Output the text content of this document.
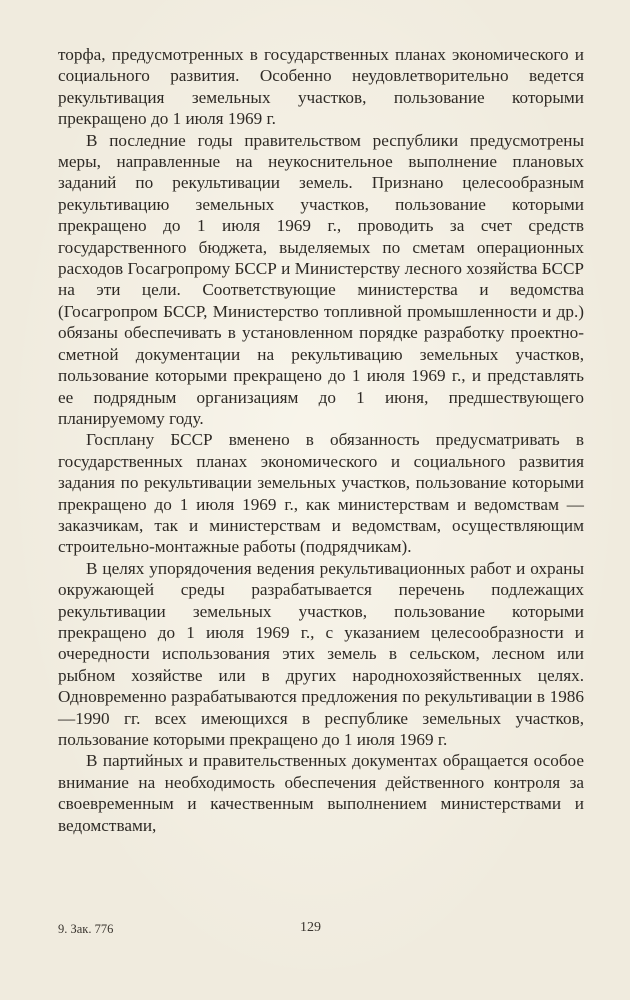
торфа, предусмотренных в государственных планах экономического и социального развития. Особенно неудовлетворительно ведется рекультивация земельных участков, пользование которыми прекращено до 1 июля 1969 г.

В последние годы правительством республики предусмотрены меры, направленные на неукоснительное выполнение плановых заданий по рекультивации земель. Признано целесообразным рекультивацию земельных участков, пользование которыми прекращено до 1 июля 1969 г., проводить за счет средств государственного бюджета, выделяемых по сметам операционных расходов Госагропрому БССР и Министерству лесного хозяйства БССР на эти цели. Соответствующие министерства и ведомства (Госагропром БССР, Министерство топливной промышленности и др.) обязаны обеспечивать в установленном порядке разработку проектно-сметной документации на рекультивацию земельных участков, пользование которыми прекращено до 1 июля 1969 г., и представлять ее подрядным организациям до 1 июня, предшествующего планируемому году.

Госплану БССР вменено в обязанность предусматривать в государственных планах экономического и социального развития задания по рекультивации земельных участков, пользование которыми прекращено до 1 июля 1969 г., как министерствам и ведомствам — заказчикам, так и министерствам и ведомствам, осуществляющим строительно-монтажные работы (подрядчикам).

В целях упорядочения ведения рекультивационных работ и охраны окружающей среды разрабатывается перечень подлежащих рекультивации земельных участков, пользование которыми прекращено до 1 июля 1969 г., с указанием целесообразности и очередности использования этих земель в сельском, лесном или рыбном хозяйстве или в других народнохозяйственных целях. Одновременно разрабатываются предложения по рекультивации в 1986—1990 гг. всех имеющихся в республике земельных участков, пользование которыми прекращено до 1 июля 1969 г.

В партийных и правительственных документах обращается особое внимание на необходимость обеспечения действенного контроля за своевременным и качественным выполнением министерствами и ведомствами,

9. Зак. 776	129
